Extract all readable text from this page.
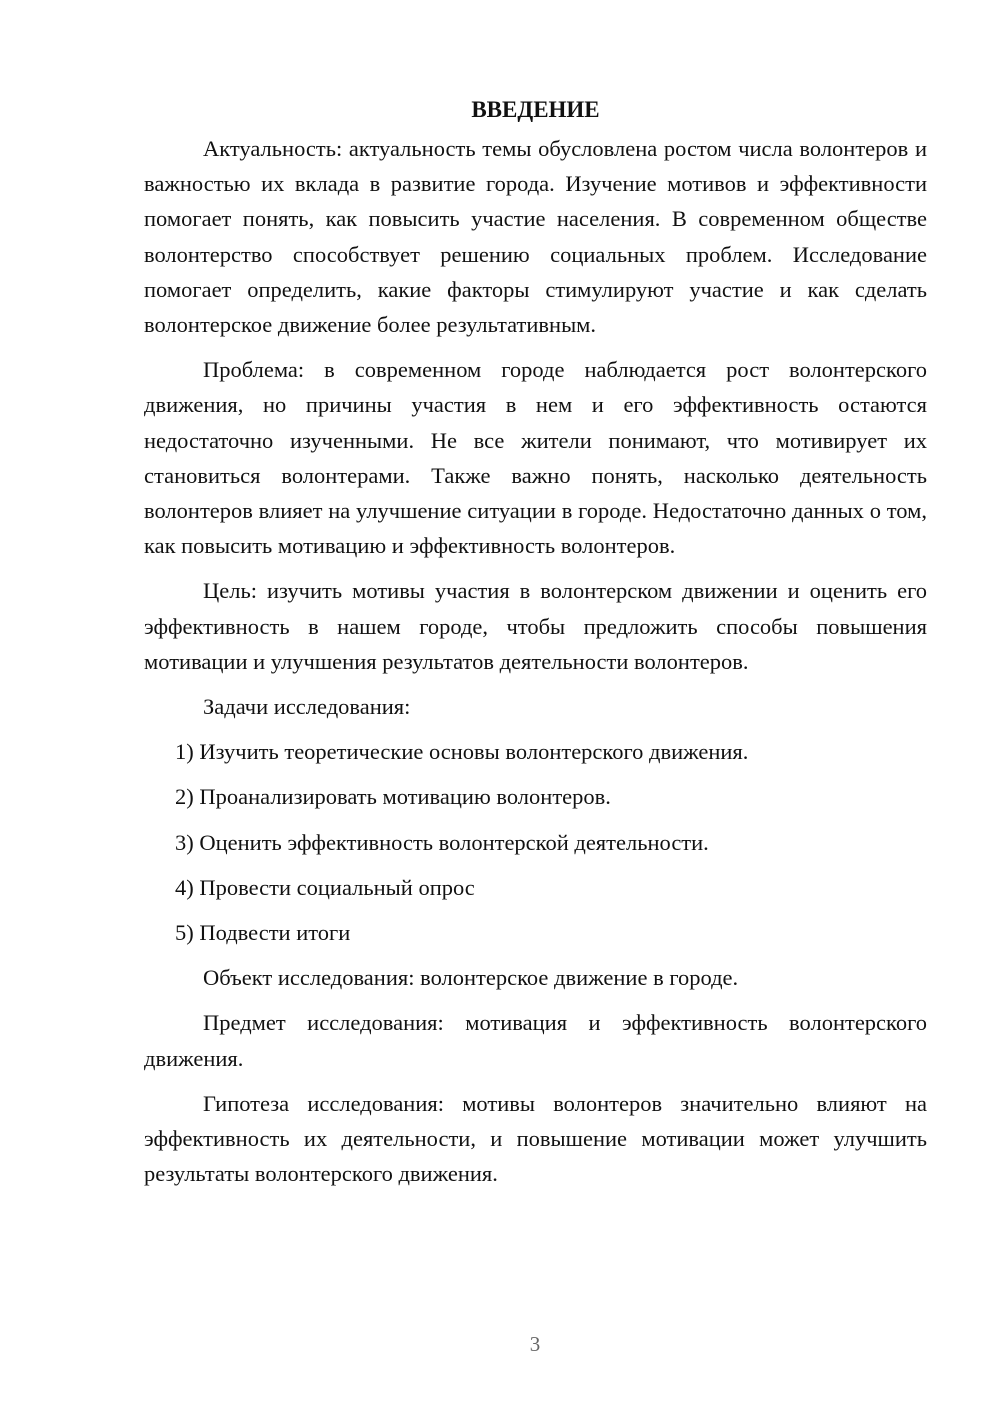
ВВЕДЕНИЕ

Актуальность: актуальность темы обусловлена ростом числа волонтеров и важностью их вклада в развитие города. Изучение мотивов и эффективности помогает понять, как повысить участие населения. В современном обществе волонтерство способствует решению социальных проблем. Исследование помогает определить, какие факторы стимулируют участие и как сделать волонтерское движение более результативным.

Проблема: в современном городе наблюдается рост волонтерского движения, но причины участия в нем и его эффективность остаются недостаточно изученными. Не все жители понимают, что мотивирует их становиться волонтерами. Также важно понять, насколько деятельность волонтеров влияет на улучшение ситуации в городе. Недостаточно данных о том, как повысить мотивацию и эффективность волонтеров.

Цель: изучить мотивы участия в волонтерском движении и оценить его эффективность в нашем городе, чтобы предложить способы повышения мотивации и улучшения результатов деятельности волонтеров.

Задачи исследования:

1) Изучить теоретические основы волонтерского движения.
2) Проанализировать мотивацию волонтеров.
3) Оценить эффективность волонтерской деятельности.
4) Провести социальный опрос
5) Подвести итоги

Объект исследования: волонтерское движение в городе.

Предмет исследования: мотивация и эффективность волонтерского движения.

Гипотеза исследования: мотивы волонтеров значительно влияют на эффективность их деятельности, и повышение мотивации может улучшить результаты волонтерского движения.

3
